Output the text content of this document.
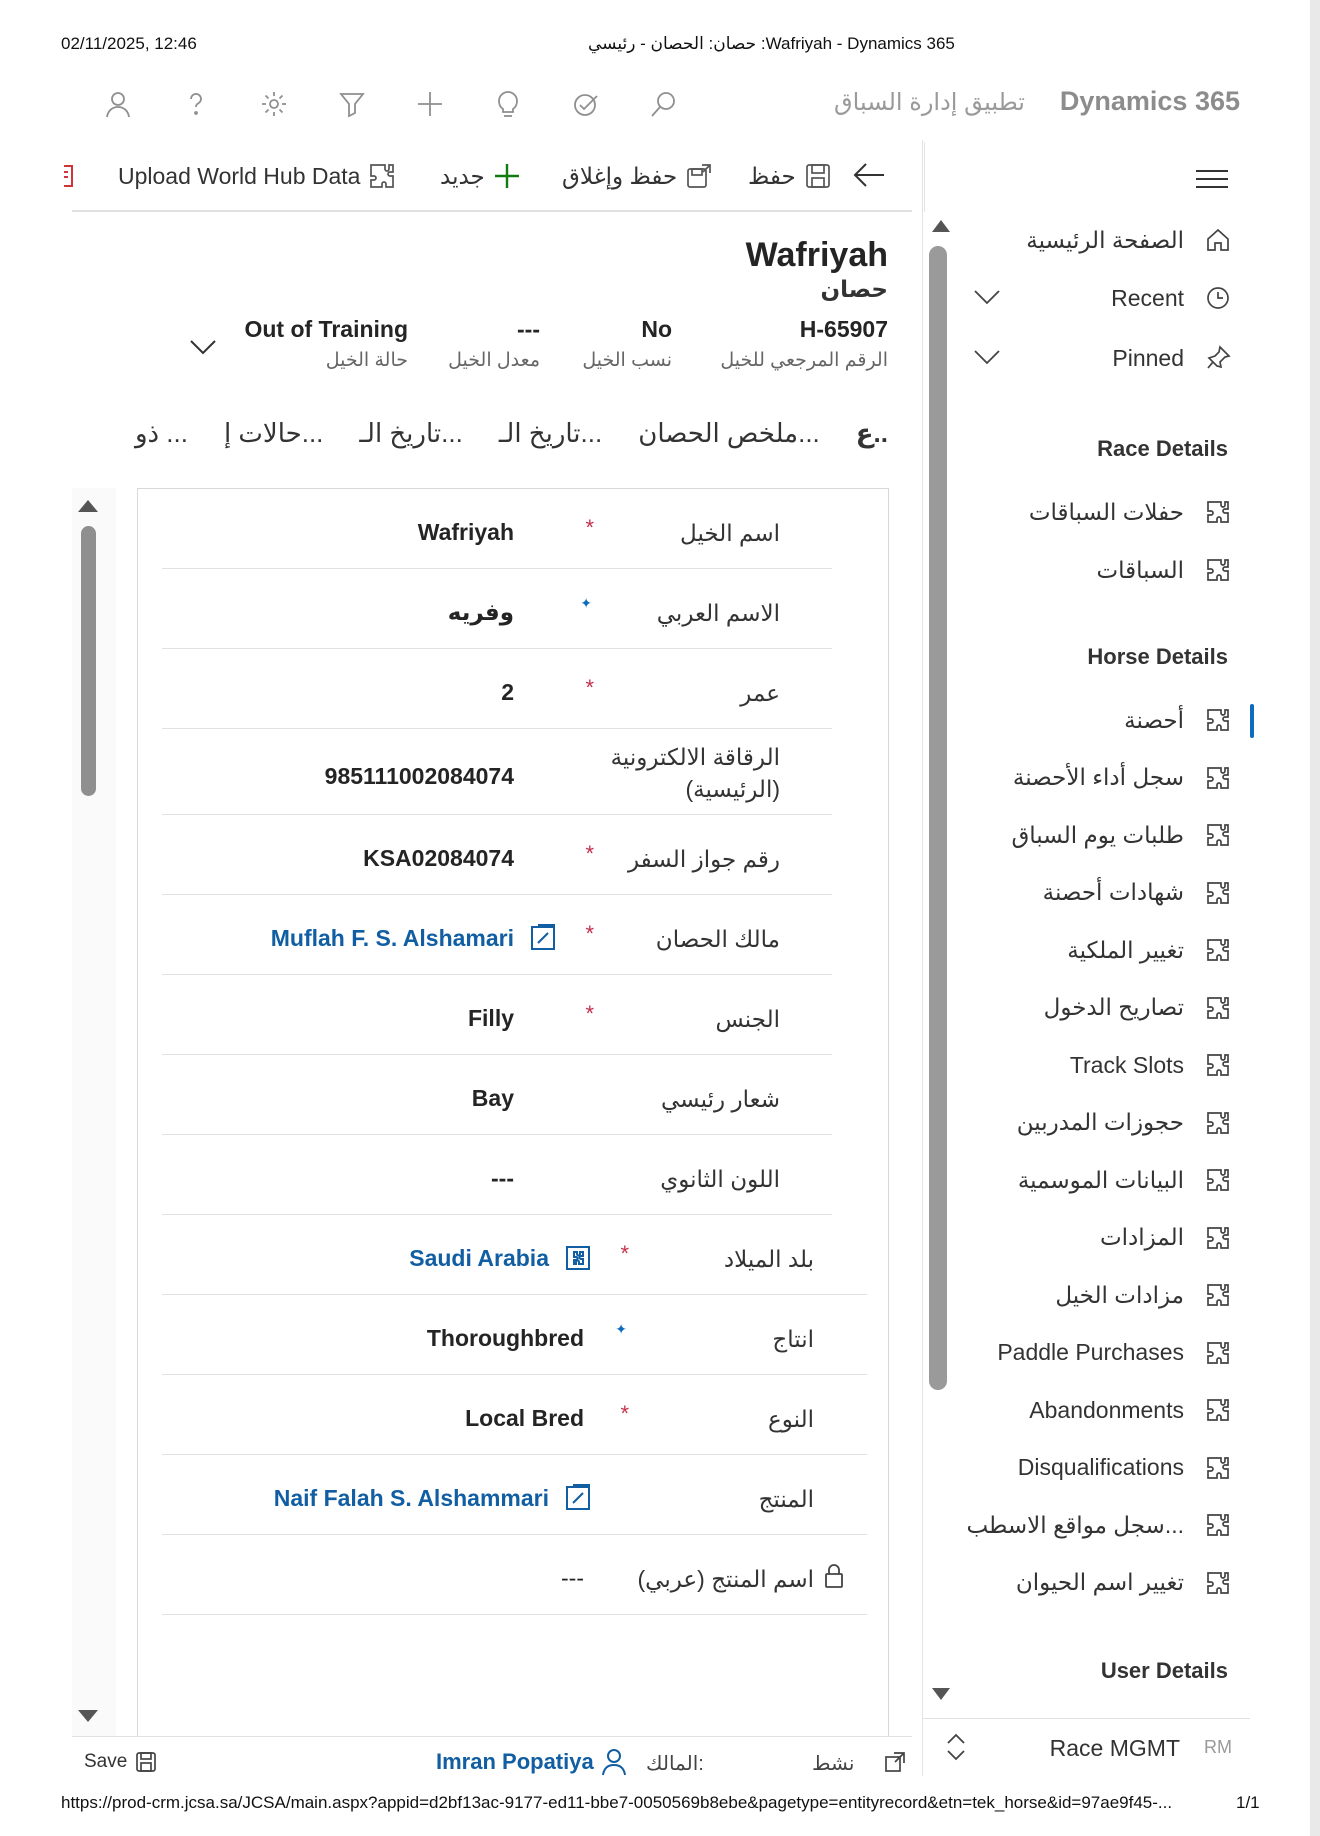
02/11/2025, 12:46	حصان: الحصان - رئيسي :Wafriyah - Dynamics 365
تطبيق إدارة السباق Dynamics 365
حفظ
حفظ وإغلاق
جديد
Upload World Hub Data
Wafriyah
حصان
H-65907
الرقم المرجعي للخيل
No
نسب الخيل
---
معدل الخيل
Out of Training
حالة الخيل
ع..
ملخص الحصان...
تاريخ الـ...
تاريخ الـ...
حالات إ...
ذو ...
اسم الخيل
*
Wafriyah
الاسم العربي
✦
وفريه
عمر
*
2
الرقاقة الالكترونية (الرئيسية)
985111002084074
رقم جواز السفر
*
KSA02084074
مالك الحصان
*
Muflah F. S. Alshamari
الجنس
*
Filly
شعار رئيسي
Bay
اللون الثانوي
---
بلد الميلاد
*
Saudi Arabia
انتاج
✦
Thoroughbred
النوع
*
Local Bred
المنتج
Naif Falah S. Alshammari
اسم المنتج (عربي)
---
Save	Imran Popatiya	المالك:	نشط
الصفحة الرئيسية
Recent
Pinned
Race Details
حفلات السباقات
السباقات
Horse Details
أحصنة
سجل أداء الأحصنة
طلبات يوم السباق
شهادات أحصنة
تغيير الملكية
تصاريح الدخول
Track Slots
حجوزات المدربين
البيانات الموسمية
المزادات
مزادات الخيل
Paddle Purchases
Abandonments
Disqualifications
سجل مواقع الاسطب...
تغيير اسم الحيوان
User Details
Race MGMT RM
https://prod-crm.jcsa.sa/JCSA/main.aspx?appid=d2bf13ac-9177-ed11-bbe7-0050569b8ebe&pagetype=entityrecord&etn=tek_horse&id=97ae9f45-...	1/1
